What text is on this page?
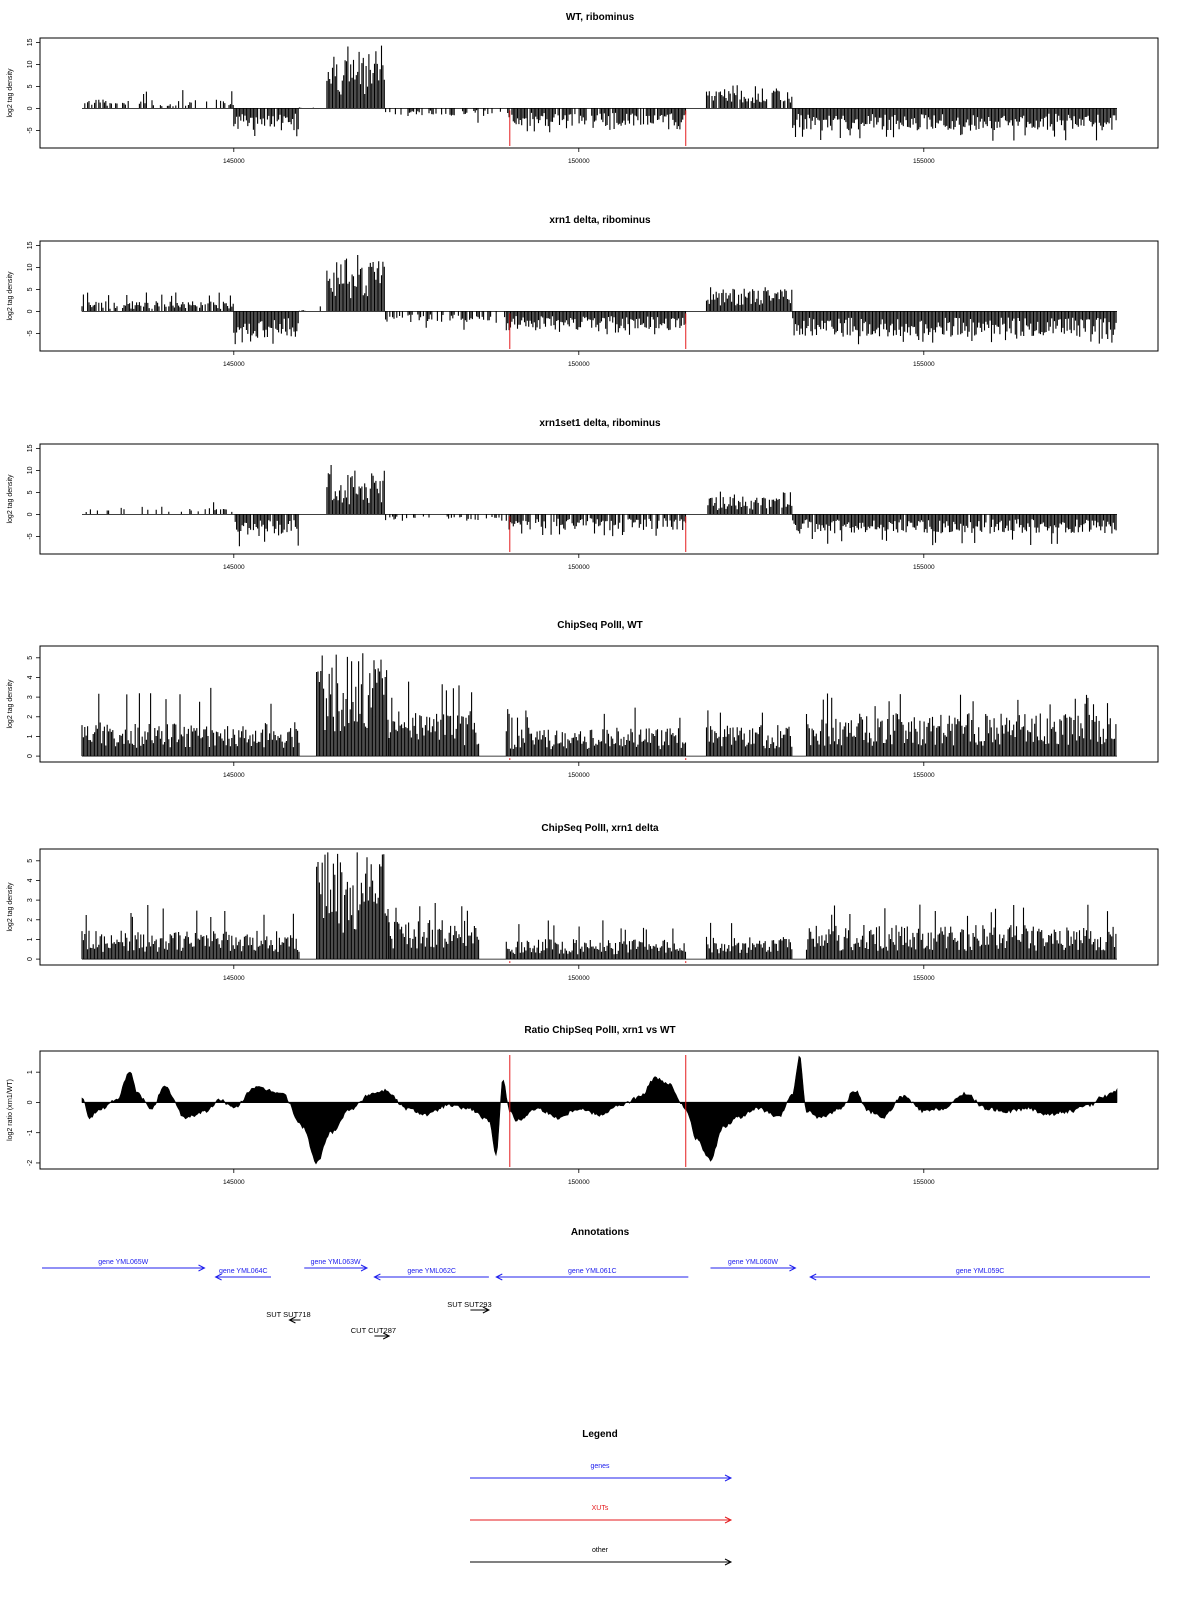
WT, ribominus
-5
0
5
10
15
log2 tag density
145000	150000	155000
xrn1 delta, ribominus
-5
0
5
10
15
log2 tag density
145000	150000	155000
xrn1set1 delta, ribominus
-5
0
5
10
15
log2 tag density
145000	150000	155000
ChipSeq PolII, WT
0
1
2
3
4
5
log2 tag density
145000	150000	155000
ChipSeq PolII, xrn1 delta
0
1
2
3
4
5
log2 tag density
145000	150000	155000
Ratio ChipSeq PolII, xrn1 vs WT
-2
-1
0
1
log2 ratio (xrn1/WT)
145000	150000	155000
Annotations
gene YML065W
gene YML064C
gene YML063W
gene YML062C	gene YML061C
gene YML060W
gene YML059C
SUT SUT718
SUT SUT293
CUT CUT287
Legend
genes
XUTs
other
